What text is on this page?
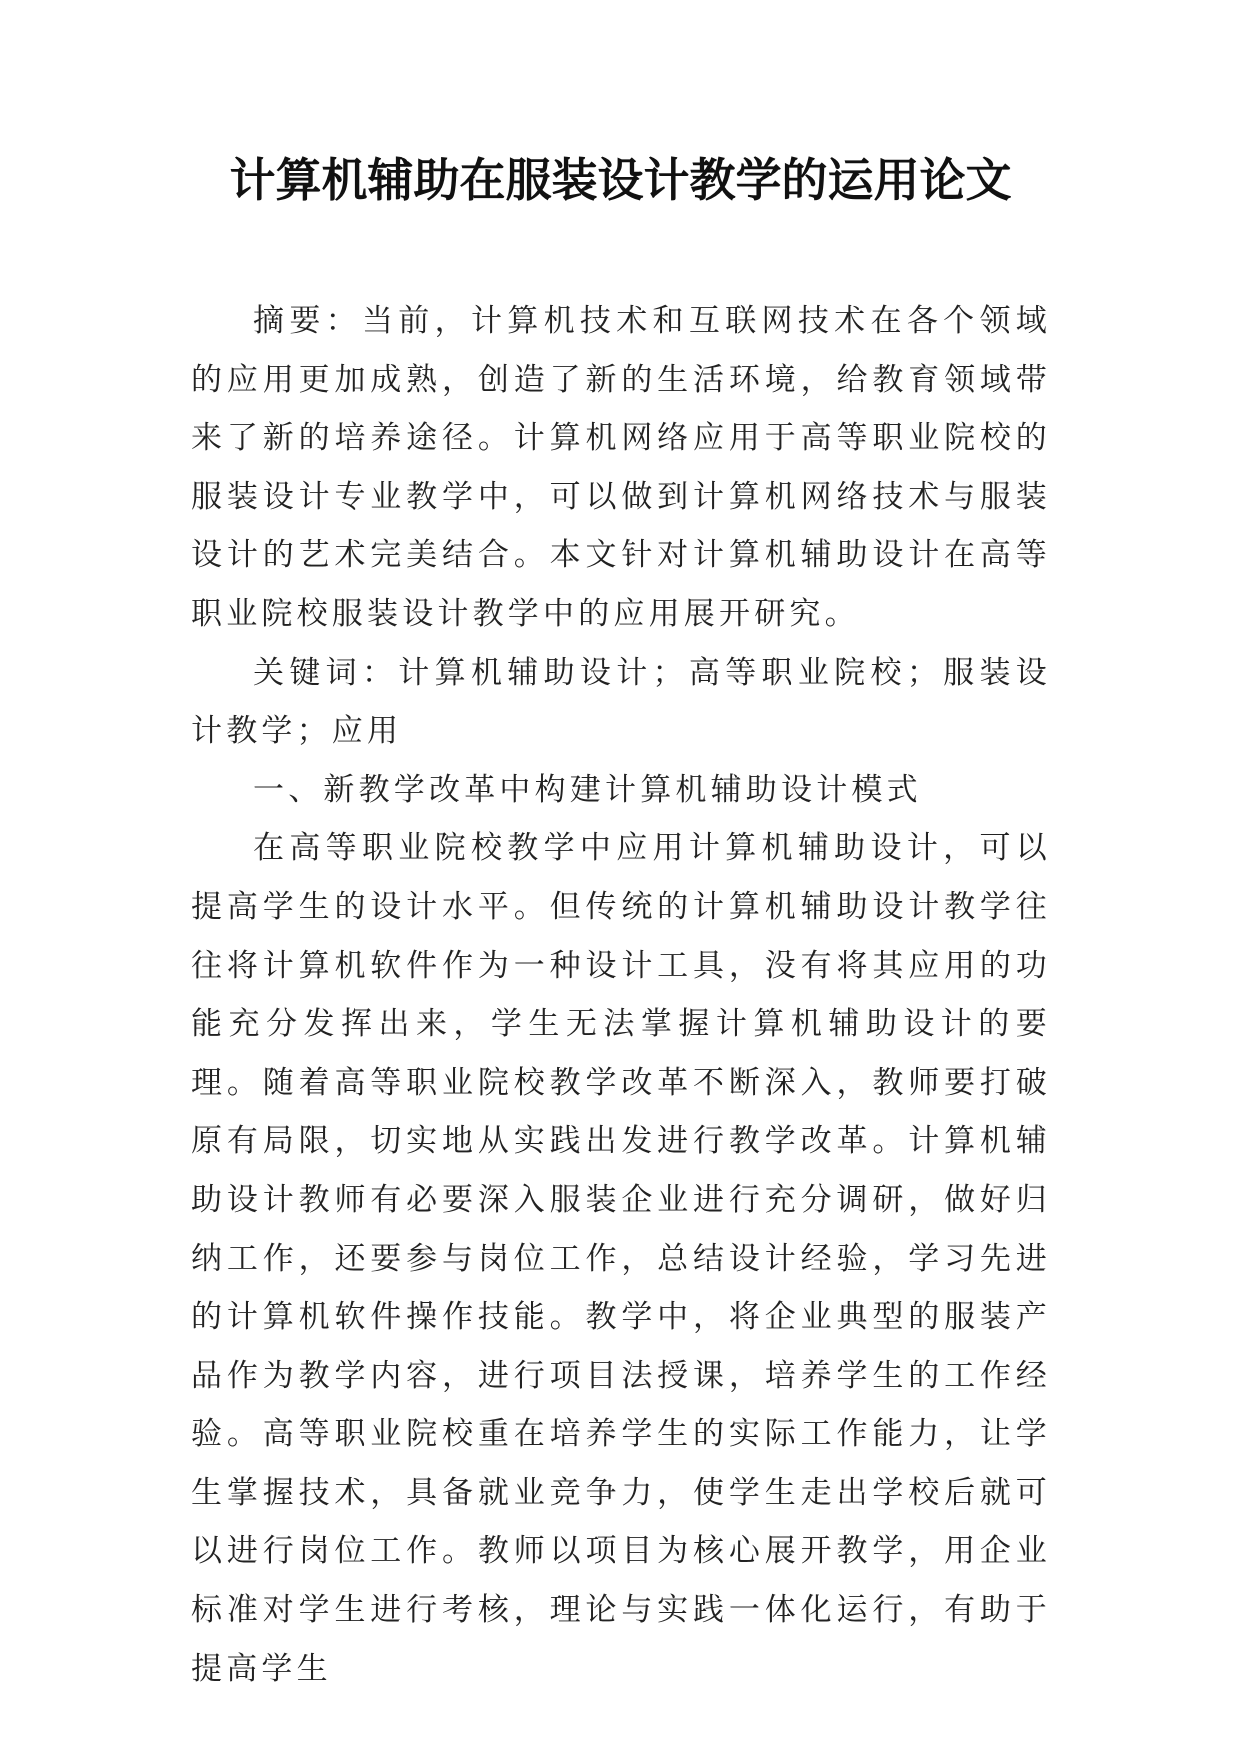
计算机辅助在服装设计教学的运用论文

摘要：当前，计算机技术和互联网技术在各个领域的应用更加成熟，创造了新的生活环境，给教育领域带来了新的培养途径。计算机网络应用于高等职业院校的服装设计专业教学中，可以做到计算机网络技术与服装设计的艺术完美结合。本文针对计算机辅助设计在高等职业院校服装设计教学中的应用展开研究。

关键词：计算机辅助设计；高等职业院校；服装设计教学；应用

一、新教学改革中构建计算机辅助设计模式

在高等职业院校教学中应用计算机辅助设计，可以提高学生的设计水平。但传统的计算机辅助设计教学往往将计算机软件作为一种设计工具，没有将其应用的功能充分发挥出来，学生无法掌握计算机辅助设计的要理。随着高等职业院校教学改革不断深入，教师要打破原有局限，切实地从实践出发进行教学改革。计算机辅助设计教师有必要深入服装企业进行充分调研，做好归纳工作，还要参与岗位工作，总结设计经验，学习先进的计算机软件操作技能。教学中，将企业典型的服装产品作为教学内容，进行项目法授课，培养学生的工作经验。高等职业院校重在培养学生的实际工作能力，让学生掌握技术，具备就业竞争力，使学生走出学校后就可以进行岗位工作。教师以项目为核心展开教学，用企业标准对学生进行考核，理论与实践一体化运行，有助于提高学生
